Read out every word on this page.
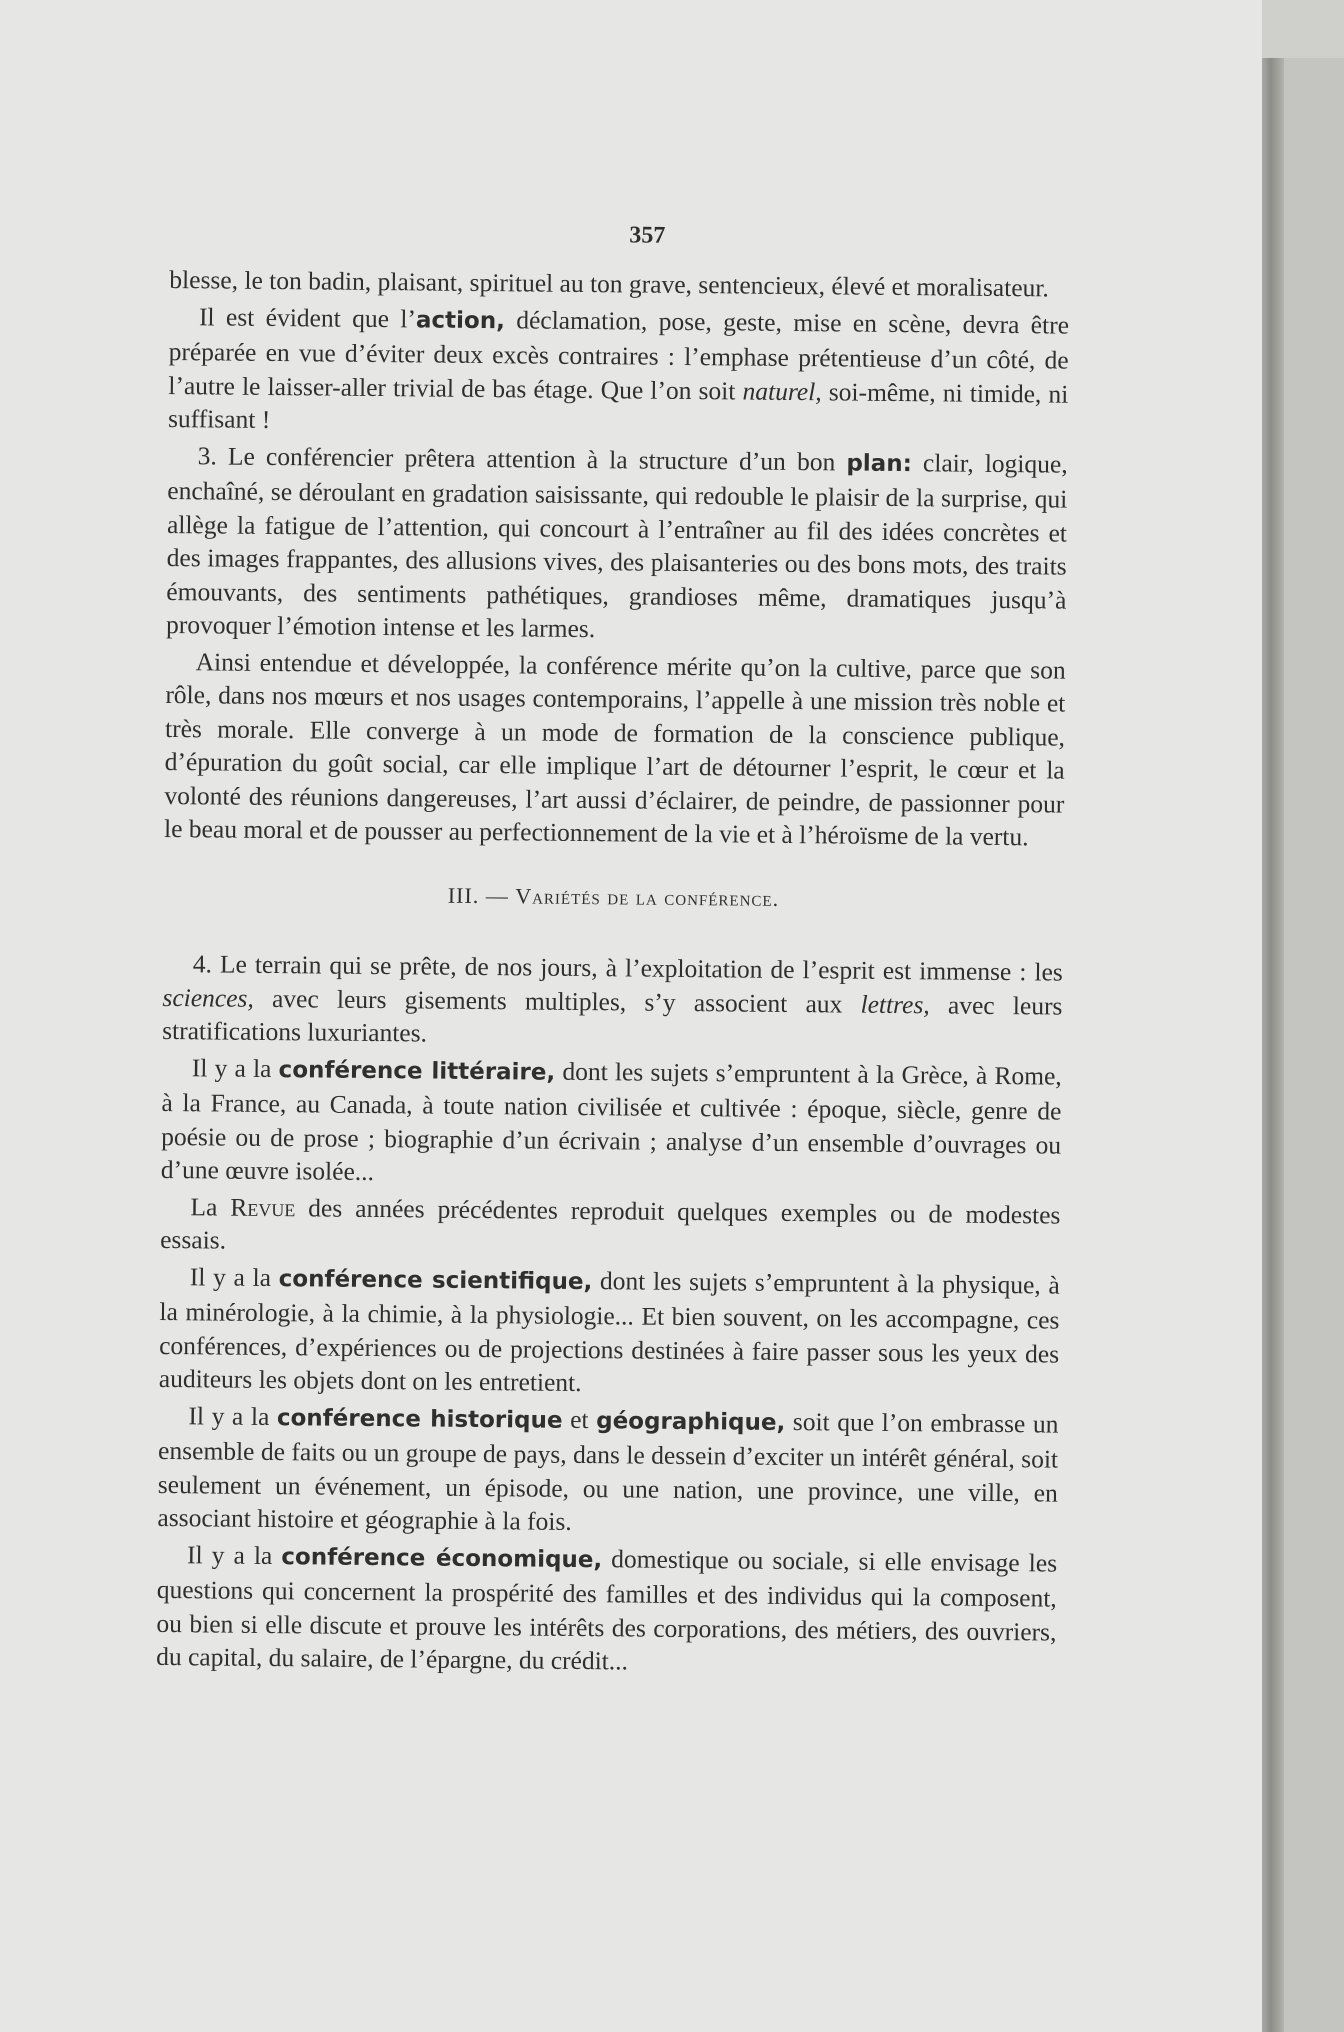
357

blesse, le ton badin, plaisant, spirituel au ton grave, sentencieux, élevé et moralisateur.

Il est évident que l’action, déclamation, pose, geste, mise en scène, devra être préparée en vue d’éviter deux excès contraires : l’emphase prétentieuse d’un côté, de l’autre le laisser-aller trivial de bas étage. Que l’on soit naturel, soi-même, ni timide, ni suffisant !

3. Le conférencier prêtera attention à la structure d’un bon plan: clair, logique, enchaîné, se déroulant en gradation saisissante, qui redouble le plaisir de la surprise, qui allège la fatigue de l’attention, qui concourt à l’entraîner au fil des idées concrètes et des images frappantes, des allusions vives, des plaisanteries ou des bons mots, des traits émouvants, des sentiments pathétiques, grandioses même, dramatiques jusqu’à provoquer l’émotion intense et les larmes.

Ainsi entendue et développée, la conférence mérite qu’on la cultive, parce que son rôle, dans nos mœurs et nos usages contemporains, l’appelle à une mission très noble et très morale. Elle converge à un mode de formation de la conscience publique, d’épuration du goût social, car elle implique l’art de détourner l’esprit, le cœur et la volonté des réunions dangereuses, l’art aussi d’éclairer, de peindre, de passionner pour le beau moral et de pousser au perfectionnement de la vie et à l’héroïsme de la vertu.

III. — Variétés de la conférence.

4. Le terrain qui se prête, de nos jours, à l’exploitation de l’esprit est immense : les sciences, avec leurs gisements multiples, s’y associent aux lettres, avec leurs stratifications luxuriantes.

Il y a la conférence littéraire, dont les sujets s’empruntent à la Grèce, à Rome, à la France, au Canada, à toute nation civilisée et cultivée : époque, siècle, genre de poésie ou de prose ; biographie d’un écrivain ; analyse d’un ensemble d’ouvrages ou d’une œuvre isolée...

La Revue des années précédentes reproduit quelques exemples ou de modestes essais.

Il y a la conférence scientifique, dont les sujets s’empruntent à la physique, à la minérologie, à la chimie, à la physiologie... Et bien souvent, on les accompagne, ces conférences, d’expériences ou de projections destinées à faire passer sous les yeux des auditeurs les objets dont on les entretient.

Il y a la conférence historique et géographique, soit que l’on embrasse un ensemble de faits ou un groupe de pays, dans le dessein d’exciter un intérêt général, soit seulement un événement, un épisode, ou une nation, une province, une ville, en associant histoire et géographie à la fois.

Il y a la conférence économique, domestique ou sociale, si elle envisage les questions qui concernent la prospérité des familles et des individus qui la composent, ou bien si elle discute et prouve les intérêts des corporations, des métiers, des ouvriers, du capital, du salaire, de l’épargne, du crédit...
